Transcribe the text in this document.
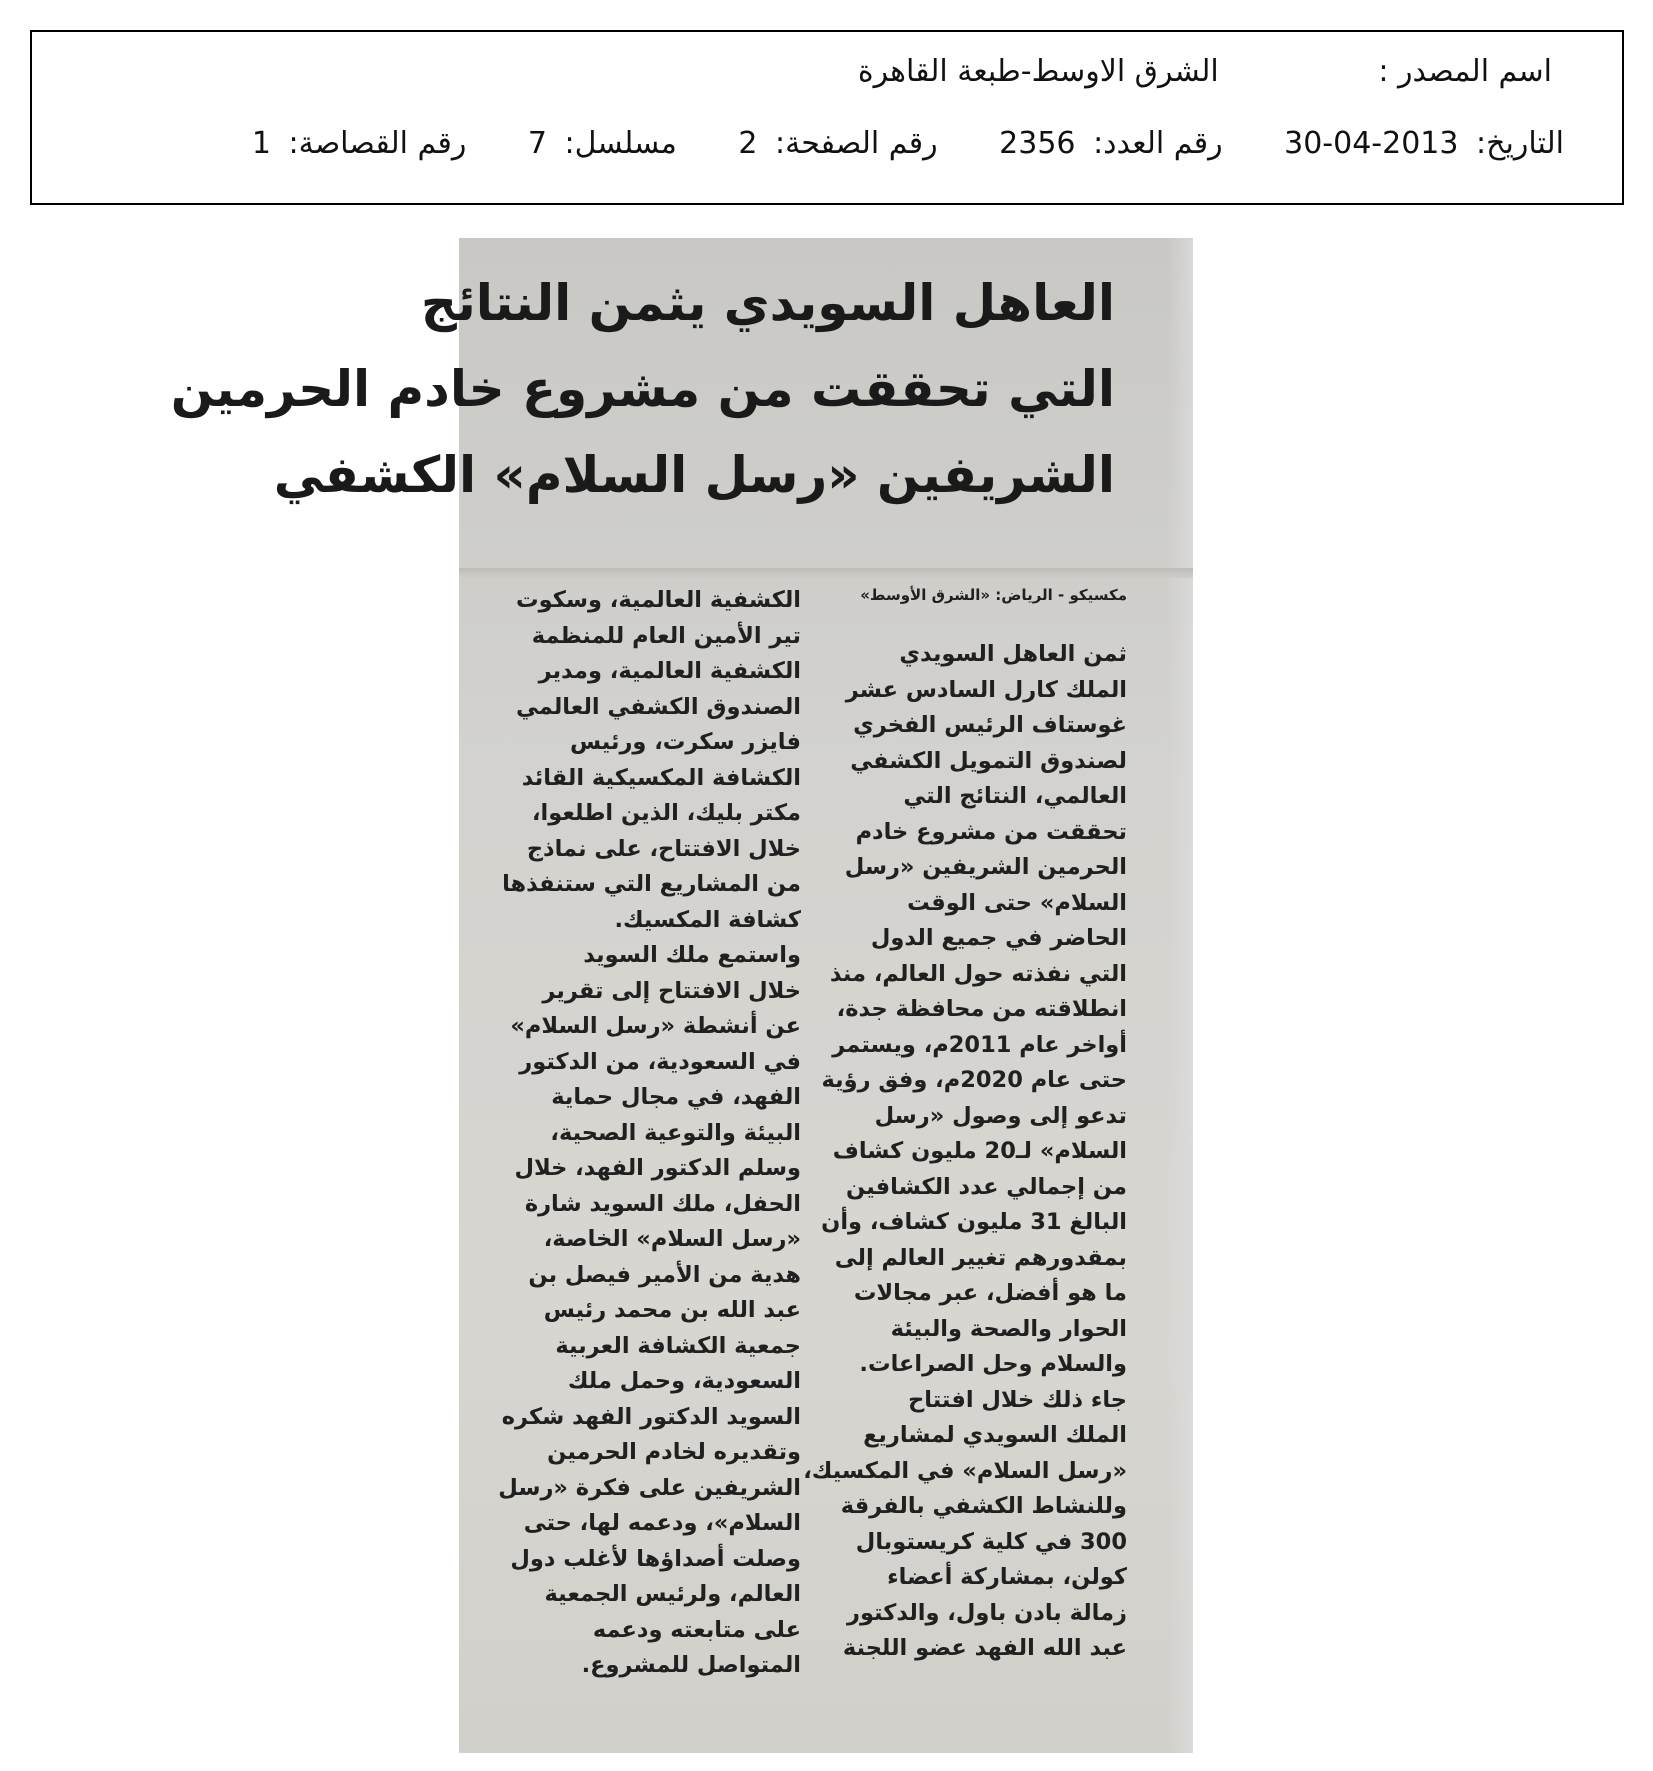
اسم المصدر : الشرق الاوسط-طبعة القاهرة
التاريخ: 30-04-2013 رقم العدد: 2356 رقم الصفحة: 2 مسلسل: 7 رقم القصاصة: 1
العاهل السويدي يثمن النتائج
التي تحققت من مشروع خادم الحرمين
الشريفين «رسل السلام» الكشفي
مكسيكو - الرياض: «الشرق الأوسط»
ثمن العاهل السويدي
الملك كارل السادس عشر
غوستاف الرئيس الفخري
لصندوق التمويل الكشفي
العالمي، النتائج التي
تحققت من مشروع خادم
الحرمين الشريفين «رسل
السلام» حتى الوقت
الحاضر في جميع الدول
التي نفذته حول العالم، منذ
انطلاقته من محافظة جدة،
أواخر عام 2011م، ويستمر
حتى عام 2020م، وفق رؤية
تدعو إلى وصول «رسل
السلام» لـ20 مليون كشاف
من إجمالي عدد الكشافين
البالغ 31 مليون كشاف، وأن
بمقدورهم تغيير العالم إلى
ما هو أفضل، عبر مجالات
الحوار والصحة والبيئة
والسلام وحل الصراعات.
جاء ذلك خلال افتتاح
الملك السويدي لمشاريع
«رسل السلام» في المكسيك،
وللنشاط الكشفي بالفرقة
300 في كلية كريستوبال
كولن، بمشاركة أعضاء
زمالة بادن باول، والدكتور
عبد الله الفهد عضو اللجنة
الكشفية العالمية، وسكوت
تير الأمين العام للمنظمة
الكشفية العالمية، ومدير
الصندوق الكشفي العالمي
فايزر سكرت، ورئيس
الكشافة المكسيكية القائد
مكتر بليك، الذين اطلعوا،
خلال الافتتاح، على نماذج
من المشاريع التي ستنفذها
كشافة المكسيك.
واستمع ملك السويد
خلال الافتتاح إلى تقرير
عن أنشطة «رسل السلام»
في السعودية، من الدكتور
الفهد، في مجال حماية
البيئة والتوعية الصحية،
وسلم الدكتور الفهد، خلال
الحفل، ملك السويد شارة
«رسل السلام» الخاصة،
هدية من الأمير فيصل بن
عبد الله بن محمد رئيس
جمعية الكشافة العربية
السعودية، وحمل ملك
السويد الدكتور الفهد شكره
وتقديره لخادم الحرمين
الشريفين على فكرة «رسل
السلام»، ودعمه لها، حتى
وصلت أصداؤها لأغلب دول
العالم، ولرئيس الجمعية
على متابعته ودعمه
المتواصل للمشروع.
